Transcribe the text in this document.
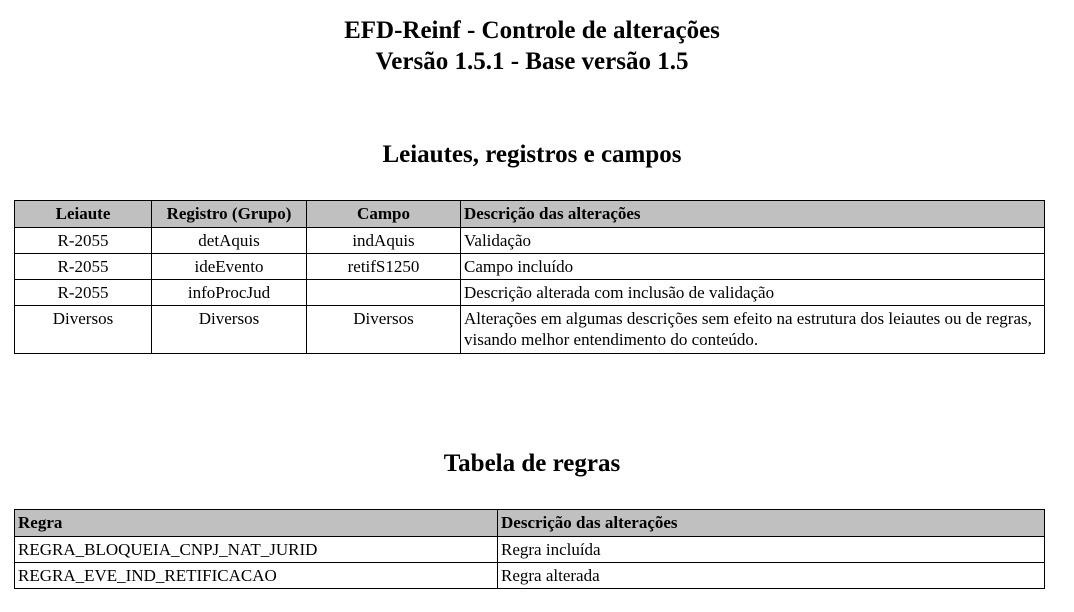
EFD-Reinf - Controle de alterações
Versão 1.5.1 - Base versão 1.5
Leiautes, registros e campos
Leiaute	Registro (Grupo)	Campo	Descrição das alterações
R-2055	detAquis	indAquis	Validação
R-2055	ideEvento	retifS1250	Campo incluído
R-2055	infoProcJud		Descrição alterada com inclusão de validação
Diversos	Diversos	Diversos	Alterações em algumas descrições sem efeito na estrutura dos leiautes ou de regras, visando melhor entendimento do conteúdo.
Tabela de regras
Regra	Descrição das alterações
REGRA_BLOQUEIA_CNPJ_NAT_JURID	Regra incluída
REGRA_EVE_IND_RETIFICACAO	Regra alterada
